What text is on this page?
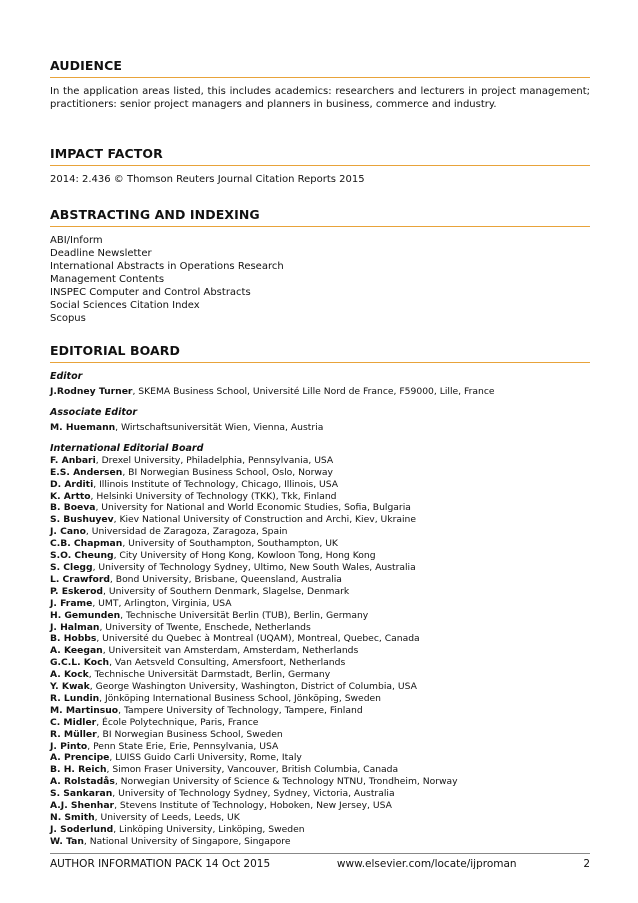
AUDIENCE
In the application areas listed, this includes academics: researchers and lecturers in project management; practitioners: senior project managers and planners in business, commerce and industry.
IMPACT FACTOR
2014: 2.436 © Thomson Reuters Journal Citation Reports 2015
ABSTRACTING AND INDEXING
ABI/Inform
Deadline Newsletter
International Abstracts in Operations Research
Management Contents
INSPEC Computer and Control Abstracts
Social Sciences Citation Index
Scopus
EDITORIAL BOARD
Editor
J.Rodney Turner, SKEMA Business School, Université Lille Nord de France, F59000, Lille, France
Associate Editor
M. Huemann, Wirtschaftsuniversität Wien, Vienna, Austria
International Editorial Board
F. Anbari, Drexel University, Philadelphia, Pennsylvania, USA
E.S. Andersen, BI Norwegian Business School, Oslo, Norway
D. Arditi, Illinois Institute of Technology, Chicago, Illinois, USA
K. Artto, Helsinki University of Technology (TKK), Tkk, Finland
B. Boeva, University for National and World Economic Studies, Sofia, Bulgaria
S. Bushuyev, Kiev National University of Construction and Archi, Kiev, Ukraine
J. Cano, Universidad de Zaragoza, Zaragoza, Spain
C.B. Chapman, University of Southampton, Southampton, UK
S.O. Cheung, City University of Hong Kong, Kowloon Tong, Hong Kong
S. Clegg, University of Technology Sydney, Ultimo, New South Wales, Australia
L. Crawford, Bond University, Brisbane, Queensland, Australia
P. Eskerod, University of Southern Denmark, Slagelse, Denmark
J. Frame, UMT, Arlington, Virginia, USA
H. Gemunden, Technische Universität Berlin (TUB), Berlin, Germany
J. Halman, University of Twente, Enschede, Netherlands
B. Hobbs, Université du Quebec à Montreal (UQAM), Montreal, Quebec, Canada
A. Keegan, Universiteit van Amsterdam, Amsterdam, Netherlands
G.C.L. Koch, Van Aetsveld Consulting, Amersfoort, Netherlands
A. Kock, Technische Universität Darmstadt, Berlin, Germany
Y. Kwak, George Washington University, Washington, District of Columbia, USA
R. Lundin, Jönköping International Business School, Jönköping, Sweden
M. Martinsuo, Tampere University of Technology, Tampere, Finland
C. Midler, École Polytechnique, Paris, France
R. Müller, BI Norwegian Business School, Sweden
J. Pinto, Penn State Erie, Erie, Pennsylvania, USA
A. Prencipe, LUISS Guido Carli University, Rome, Italy
B. H. Reich, Simon Fraser University, Vancouver, British Columbia, Canada
A. Rolstadås, Norwegian University of Science & Technology NTNU, Trondheim, Norway
S. Sankaran, University of Technology Sydney, Sydney, Victoria, Australia
A.J. Shenhar, Stevens Institute of Technology, Hoboken, New Jersey, USA
N. Smith, University of Leeds, Leeds, UK
J. Soderlund, Linköping University, Linköping, Sweden
W. Tan, National University of Singapore, Singapore
AUTHOR INFORMATION PACK 14 Oct 2015	www.elsevier.com/locate/ijproman	2
